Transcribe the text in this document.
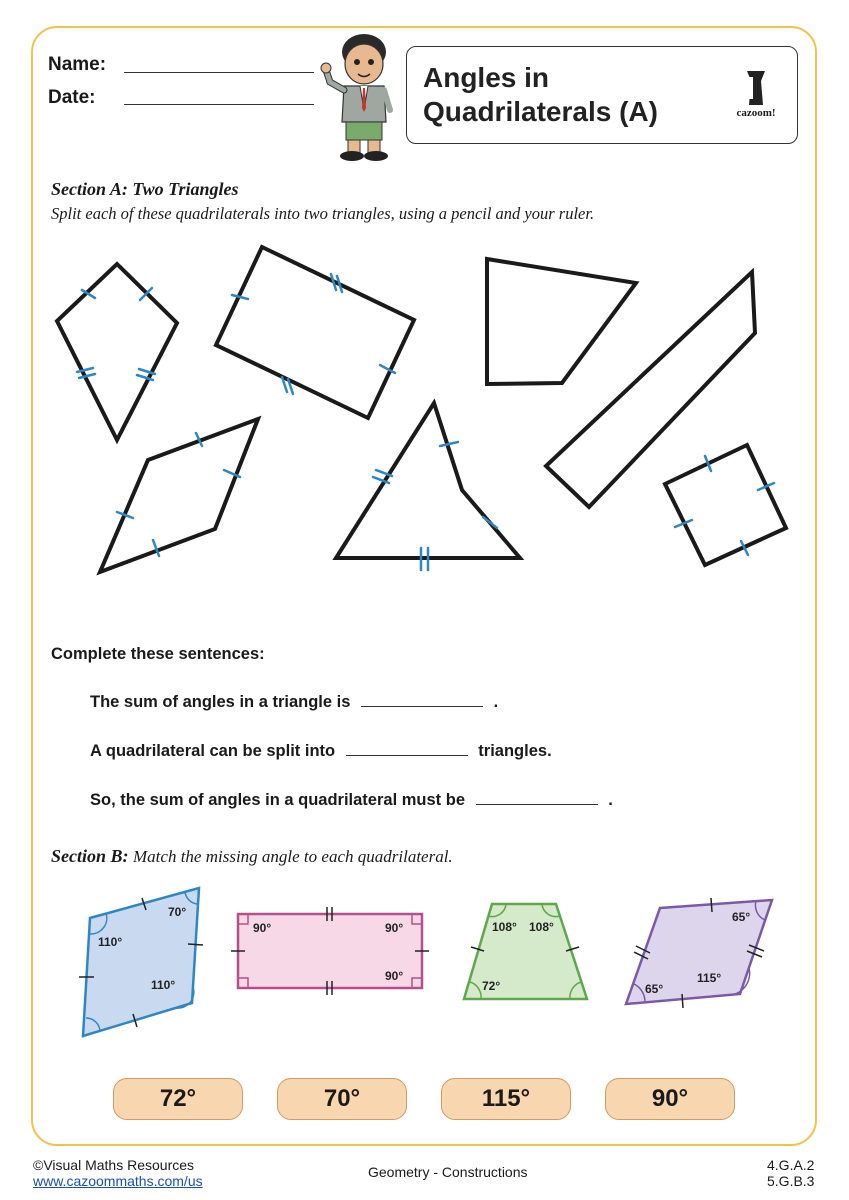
Name:
Date:
Angles in
Quadrilaterals (A)	cazoom!
Section A: Two Triangles
Split each of these quadrilaterals into two triangles, using a pencil and your ruler.
Complete these sentences:
The sum of angles in a triangle is	.
A quadrilateral can be split into	triangles.
So, the sum of angles in a quadrilateral must be	.
Section B: Match the missing angle to each quadrilateral.
70°
110°
110°
90°	90°
90°
108° 108°
72°
65°
115°
65°
72°	70°	115°	90°
©Visual Maths Resources
www.cazoommaths.com/us
Geometry - Constructions	4.G.A.2
5.G.B.3
